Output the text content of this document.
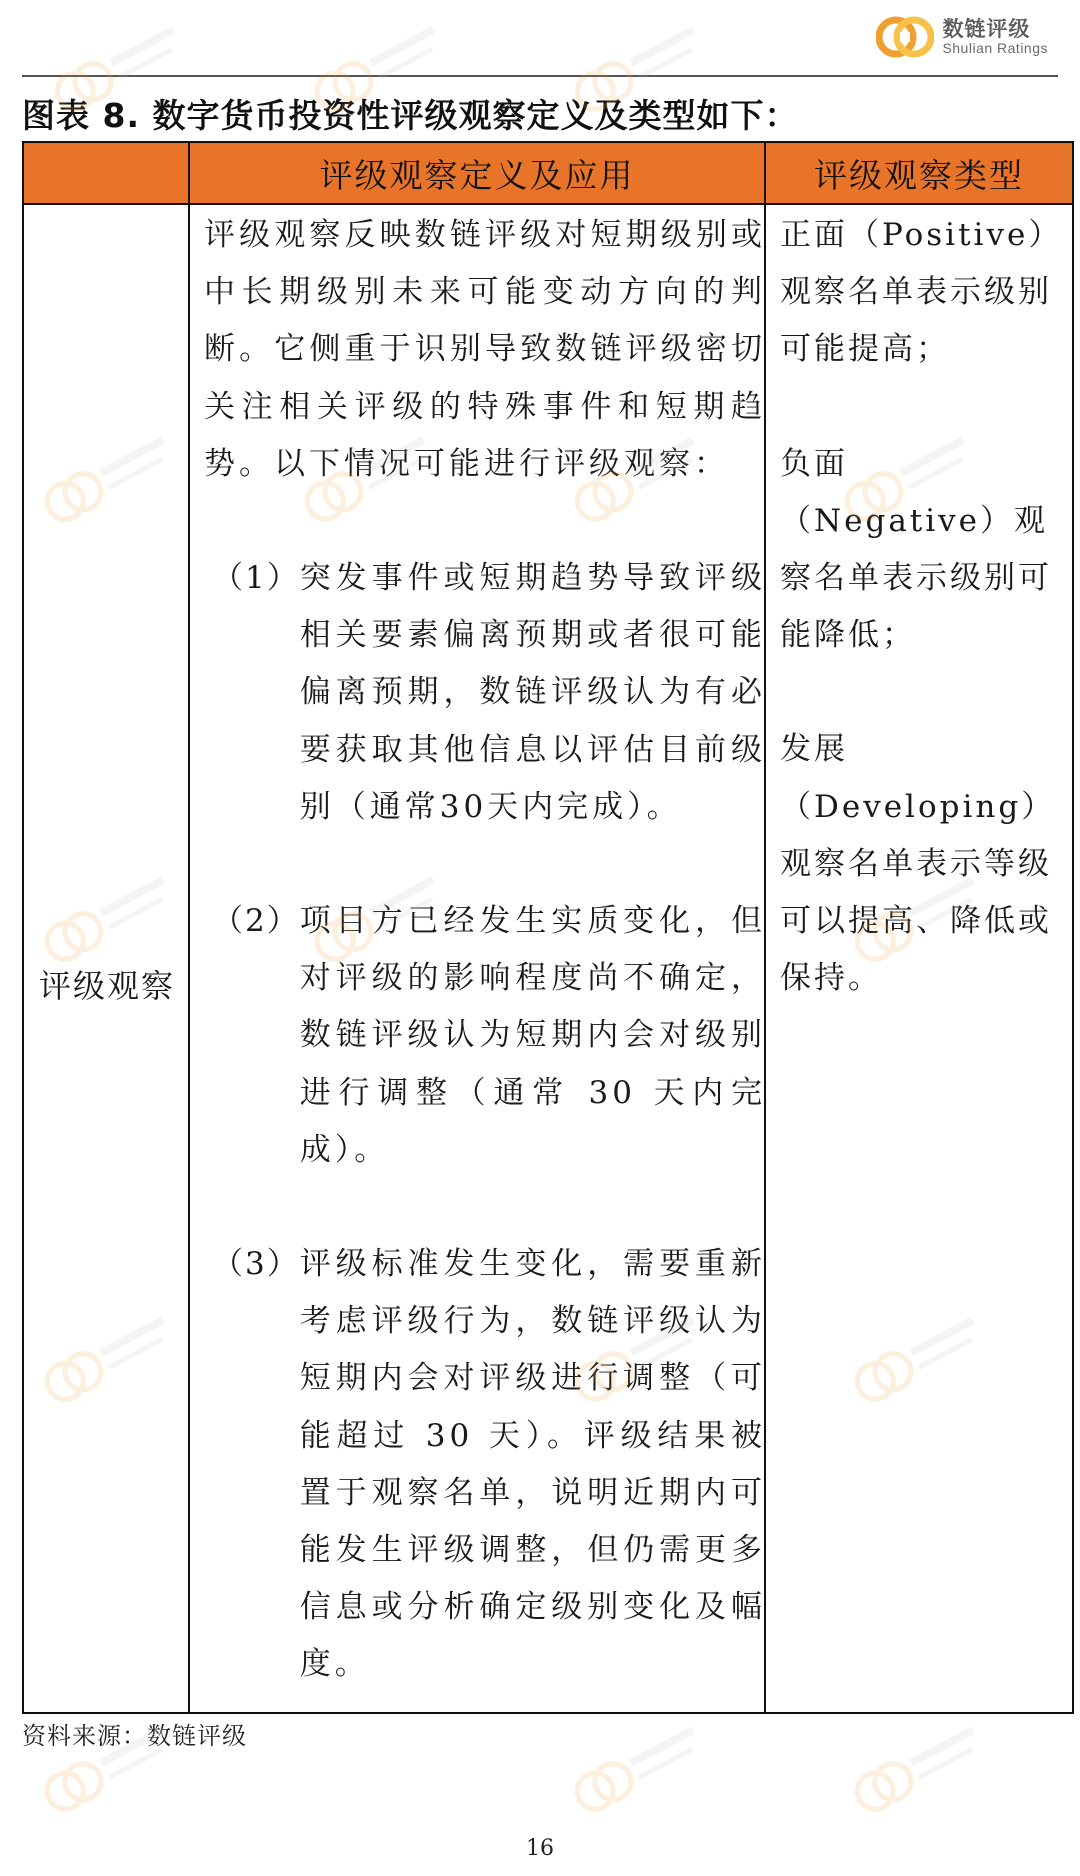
数链评级
Shulian Ratings
图表 8. 数字货币投资性评级观察定义及类型如下：
评级观察定义及应用	评级观察类型
评级观察

评级观察反映数链评级对短期级别或中长期级别未来可能变动方向的判断。它侧重于识别导致数链评级密切关注相关评级的特殊事件和短期趋势。以下情况可能进行评级观察：

（1） 突发事件或短期趋势导致评级相关要素偏离预期或者很可能偏离预期，数链评级认为有必要获取其他信息以评估目前级别（通常30天内完成）。
（2） 项目方已经发生实质变化，但对评级的影响程度尚不确定，数链评级认为短期内会对级别进行调整（通常 30 天内完成）。
（3） 评级标准发生变化，需要重新考虑评级行为，数链评级认为短期内会对评级进行调整（可能超过 30 天）。评级结果被置于观察名单，说明近期内可能发生评级调整，但仍需更多信息或分析确定级别变化及幅度。

正面（Positive）观察名单表示级别可能提高；

负面（Negative）观察名单表示级别可能降低；

发展（Developing）观察名单表示等级可以提高、降低或保持。

资料来源：数链评级
16
